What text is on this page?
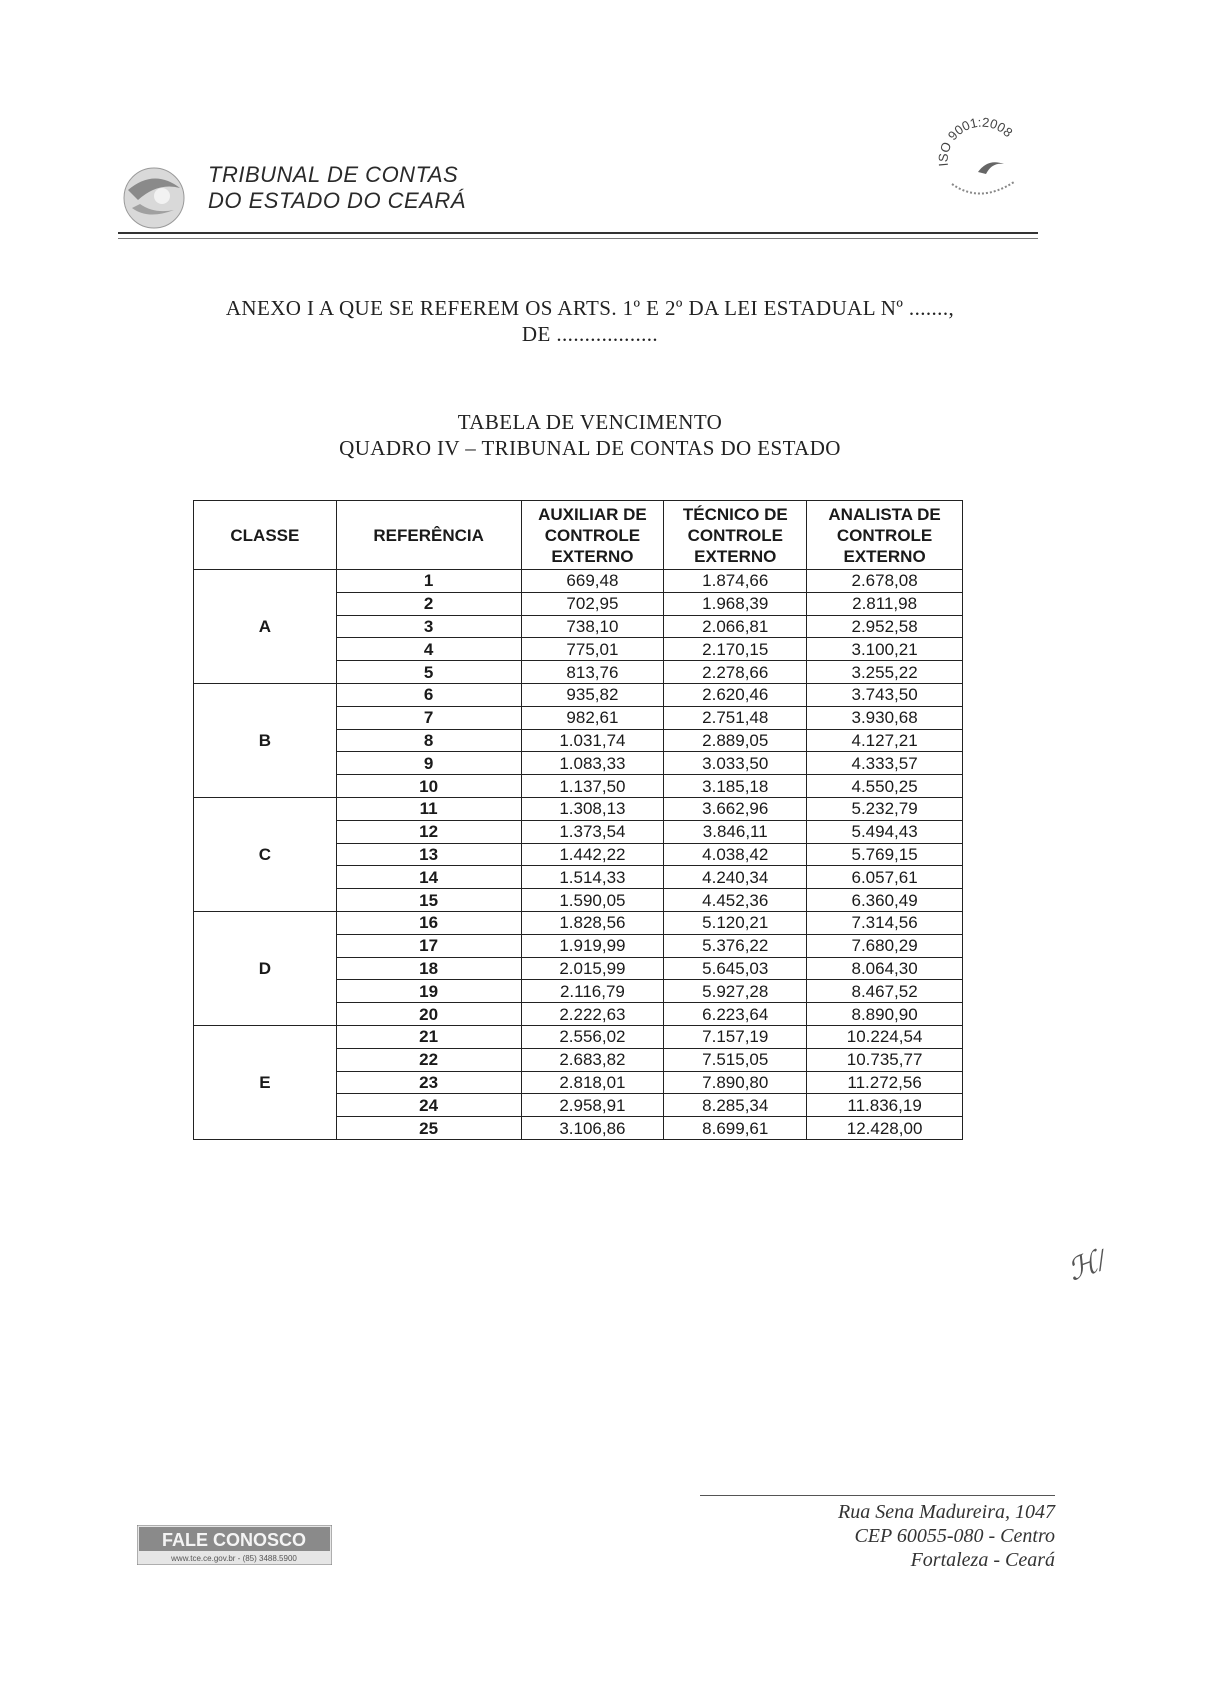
TRIBUNAL DE CONTAS
DO ESTADO DO CEARÁ
ISO 9001:2008
ANEXO I A QUE SE REFEREM OS ARTS. 1º E 2º DA LEI ESTADUAL Nº .......,
DE ..................
TABELA DE VENCIMENTO
QUADRO IV – TRIBUNAL DE CONTAS DO ESTADO
CLASSE	REFERÊNCIA	AUXILIAR DE CONTROLE EXTERNO	TÉCNICO DE CONTROLE EXTERNO	ANALISTA DE CONTROLE EXTERNO
A	1	669,48	1.874,66	2.678,08
	2	702,95	1.968,39	2.811,98
	3	738,10	2.066,81	2.952,58
	4	775,01	2.170,15	3.100,21
	5	813,76	2.278,66	3.255,22
B	6	935,82	2.620,46	3.743,50
	7	982,61	2.751,48	3.930,68
	8	1.031,74	2.889,05	4.127,21
	9	1.083,33	3.033,50	4.333,57
	10	1.137,50	3.185,18	4.550,25
C	11	1.308,13	3.662,96	5.232,79
	12	1.373,54	3.846,11	5.494,43
	13	1.442,22	4.038,42	5.769,15
	14	1.514,33	4.240,34	6.057,61
	15	1.590,05	4.452,36	6.360,49
D	16	1.828,56	5.120,21	7.314,56
	17	1.919,99	5.376,22	7.680,29
	18	2.015,99	5.645,03	8.064,30
	19	2.116,79	5.927,28	8.467,52
	20	2.222,63	6.223,64	8.890,90
E	21	2.556,02	7.157,19	10.224,54
	22	2.683,82	7.515,05	10.735,77
	23	2.818,01	7.890,80	11.272,56
	24	2.958,91	8.285,34	11.836,19
	25	3.106,86	8.699,61	12.428,00
ℋ/
FALE CONOSCO
www.tce.ce.gov.br - (85) 3488.5900
Rua Sena Madureira, 1047
CEP 60055-080 - Centro
Fortaleza - Ceará
